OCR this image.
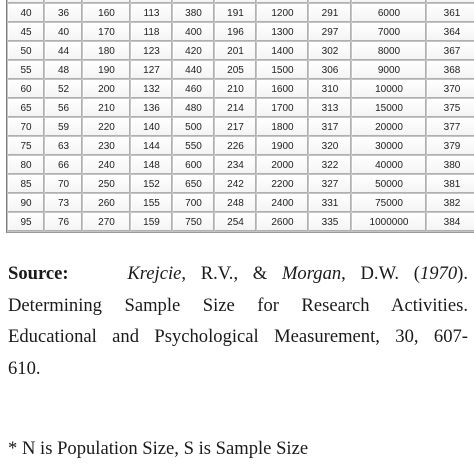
40	36	160	113	380	191	1200	291	6000	361
45	40	170	118	400	196	1300	297	7000	364
50	44	180	123	420	201	1400	302	8000	367
55	48	190	127	440	205	1500	306	9000	368
60	52	200	132	460	210	1600	310	10000	370
65	56	210	136	480	214	1700	313	15000	375
70	59	220	140	500	217	1800	317	20000	377
75	63	230	144	550	226	1900	320	30000	379
80	66	240	148	600	234	2000	322	40000	380
85	70	250	152	650	242	2200	327	50000	381
90	73	260	155	700	248	2400	331	75000	382
95	76	270	159	750	254	2600	335	1000000	384

Source:	Krejcie, R.V., & Morgan, D.W. (1970).
Determining Sample Size for Research Activities.
Educational and Psychological Measurement, 30, 607-
610.

* N is Population Size, S is Sample Size
